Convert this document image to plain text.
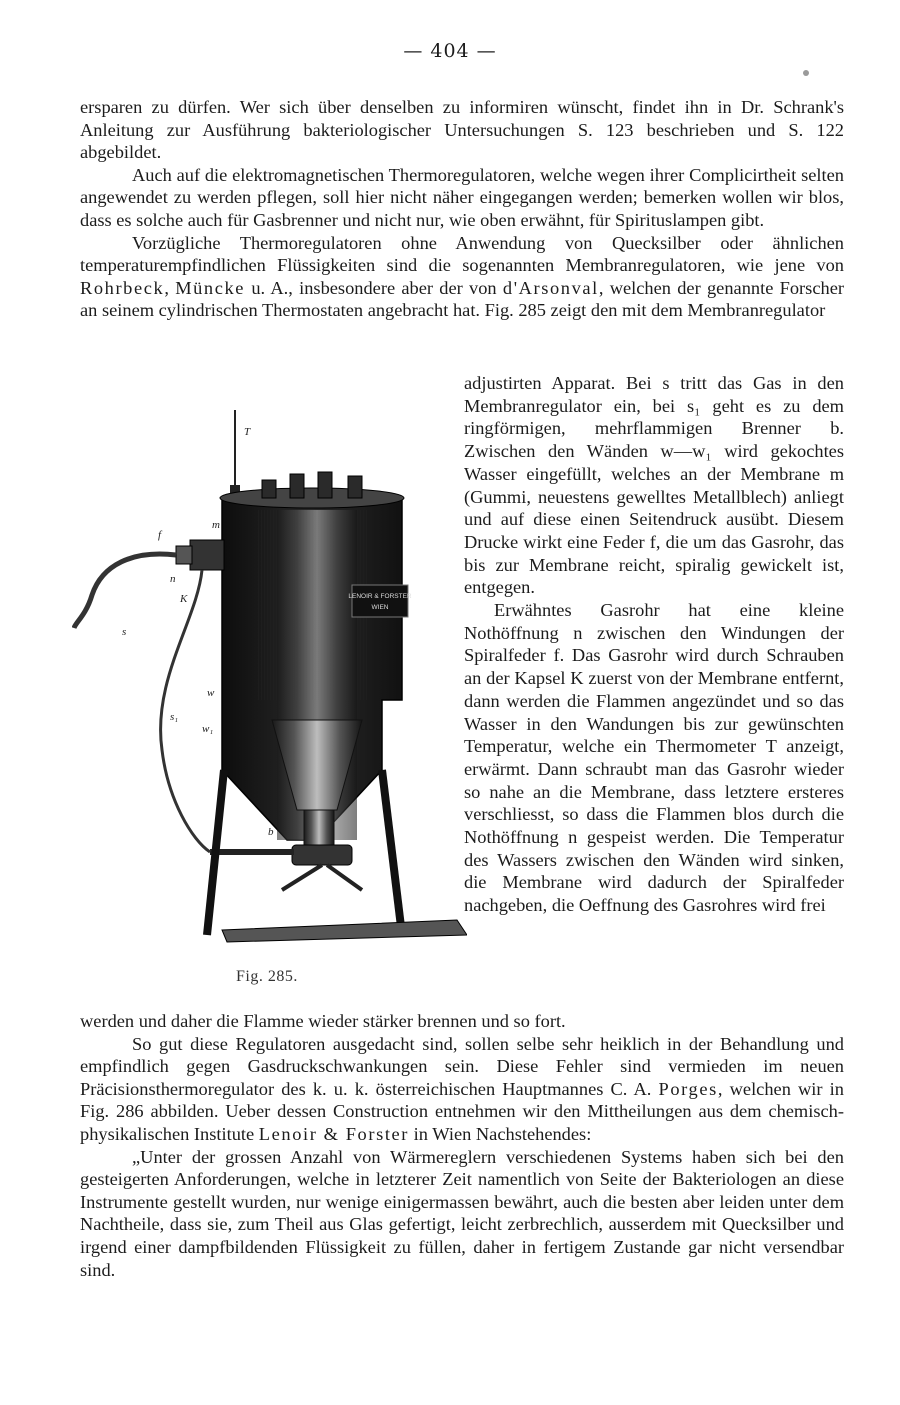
— 404 —

ersparen zu dürfen. Wer sich über denselben zu informiren wünscht, findet ihn in Dr. Schrank's Anleitung zur Ausführung bakteriologischer Untersuchungen S. 123 beschrieben und S. 122 abgebildet.

Auch auf die elektromagnetischen Thermoregulatoren, welche wegen ihrer Complicirtheit selten angewendet zu werden pflegen, soll hier nicht näher eingegangen werden; bemerken wollen wir blos, dass es solche auch für Gasbrenner und nicht nur, wie oben erwähnt, für Spirituslampen gibt.

Vorzügliche Thermoregulatoren ohne Anwendung von Quecksilber oder ähnlichen temperaturempfindlichen Flüssigkeiten sind die sogenannten Membranregulatoren, wie jene von Rohrbeck, Müncke u. A., insbesondere aber der von d'Arsonval, welchen der genannte Forscher an seinem cylindrischen Thermostaten angebracht hat. Fig. 285 zeigt den mit dem Membranregulator

LENOIR & FORSTER
WIEN
T
m
f
n
K
s
w
s₁
w₁
b
Fig. 285.

adjustirten Apparat. Bei s tritt das Gas in den Membranregulator ein, bei s₁ geht es zu dem ringförmigen, mehrflammigen Brenner b. Zwischen den Wänden w—w₁ wird gekochtes Wasser eingefüllt, welches an der Membrane m (Gummi, neuestens gewelltes Metallblech) anliegt und auf diese einen Seitendruck ausübt. Diesem Drucke wirkt eine Feder f, die um das Gasrohr, das bis zur Membrane reicht, spiralig gewickelt ist, entgegen.

Erwähntes Gasrohr hat eine kleine Nothöffnung n zwischen den Windungen der Spiralfeder f. Das Gasrohr wird durch Schrauben an der Kapsel K zuerst von der Membrane entfernt, dann werden die Flammen angezündet und so das Wasser in den Wandungen bis zur gewünschten Temperatur, welche ein Thermometer T anzeigt, erwärmt. Dann schraubt man das Gasrohr wieder so nahe an die Membrane, dass letztere ersteres verschliesst, so dass die Flammen blos durch die Nothöffnung n gespeist werden. Die Temperatur des Wassers zwischen den Wänden wird sinken, die Membrane wird dadurch der Spiralfeder nachgeben, die Oeffnung des Gasrohres wird frei

werden und daher die Flamme wieder stärker brennen und so fort.

So gut diese Regulatoren ausgedacht sind, sollen selbe sehr heiklich in der Behandlung und empfindlich gegen Gasdruckschwankungen sein. Diese Fehler sind vermieden im neuen Präcisionsthermoregulator des k. u. k. österreichischen Hauptmannes C. A. Porges, welchen wir in Fig. 286 abbilden. Ueber dessen Construction entnehmen wir den Mittheilungen aus dem chemisch-physikalischen Institute Lenoir & Forster in Wien Nachstehendes:

„Unter der grossen Anzahl von Wärmereglern verschiedenen Systems haben sich bei den gesteigerten Anforderungen, welche in letzterer Zeit namentlich von Seite der Bakteriologen an diese Instrumente gestellt wurden, nur wenige einigermassen bewährt, auch die besten aber leiden unter dem Nachtheile, dass sie, zum Theil aus Glas gefertigt, leicht zerbrechlich, ausserdem mit Quecksilber und irgend einer dampfbildenden Flüssigkeit zu füllen, daher in fertigem Zustande gar nicht versendbar sind.
